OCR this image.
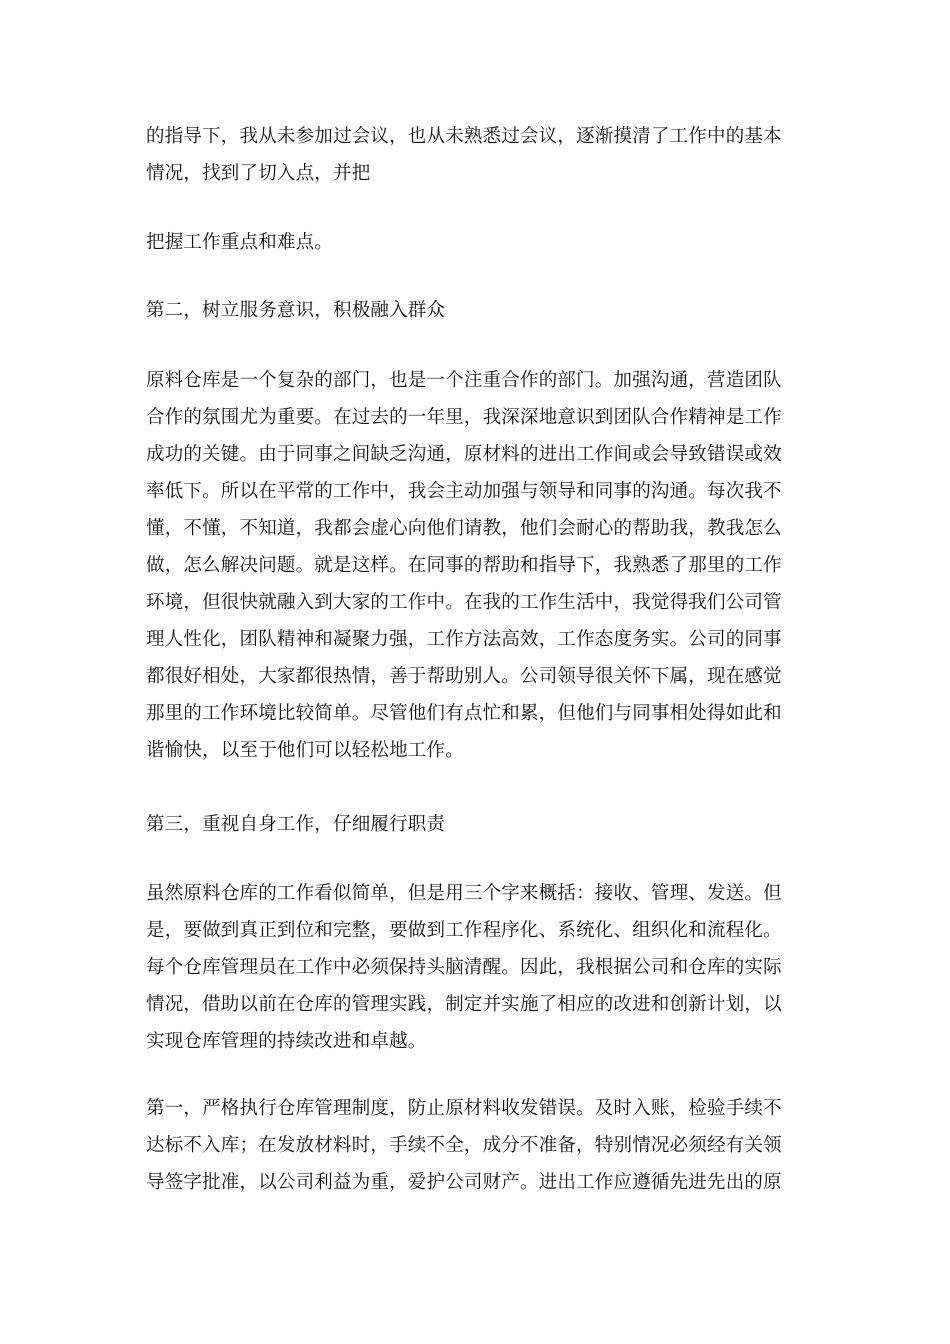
的指导下，我从未参加过会议，也从未熟悉过会议，逐渐摸清了工作中的基本
情况，找到了切入点，并把
把握工作重点和难点。
第二，树立服务意识，积极融入群众
原料仓库是一个复杂的部门，也是一个注重合作的部门。加强沟通，营造团队
合作的氛围尤为重要。在过去的一年里，我深深地意识到团队合作精神是工作
成功的关键。由于同事之间缺乏沟通，原材料的进出工作间或会导致错误或效
率低下。所以在平常的工作中，我会主动加强与领导和同事的沟通。每次我不
懂，不懂，不知道，我都会虚心向他们请教，他们会耐心的帮助我，教我怎么
做，怎么解决问题。就是这样。在同事的帮助和指导下，我熟悉了那里的工作
环境，但很快就融入到大家的工作中。在我的工作生活中，我觉得我们公司管
理人性化，团队精神和凝聚力强，工作方法高效，工作态度务实。公司的同事
都很好相处，大家都很热情，善于帮助别人。公司领导很关怀下属，现在感觉
那里的工作环境比较简单。尽管他们有点忙和累，但他们与同事相处得如此和
谐愉快，以至于他们可以轻松地工作。
第三，重视自身工作，仔细履行职责
虽然原料仓库的工作看似简单，但是用三个字来概括：接收、管理、发送。但
是，要做到真正到位和完整，要做到工作程序化、系统化、组织化和流程化。
每个仓库管理员在工作中必须保持头脑清醒。因此，我根据公司和仓库的实际
情况，借助以前在仓库的管理实践，制定并实施了相应的改进和创新计划，以
实现仓库管理的持续改进和卓越。
第一，严格执行仓库管理制度，防止原材料收发错误。及时入账，检验手续不
达标不入库；在发放材料时，手续不全，成分不准备，特别情况必须经有关领
导签字批准，以公司利益为重，爱护公司财产。进出工作应遵循先进先出的原
